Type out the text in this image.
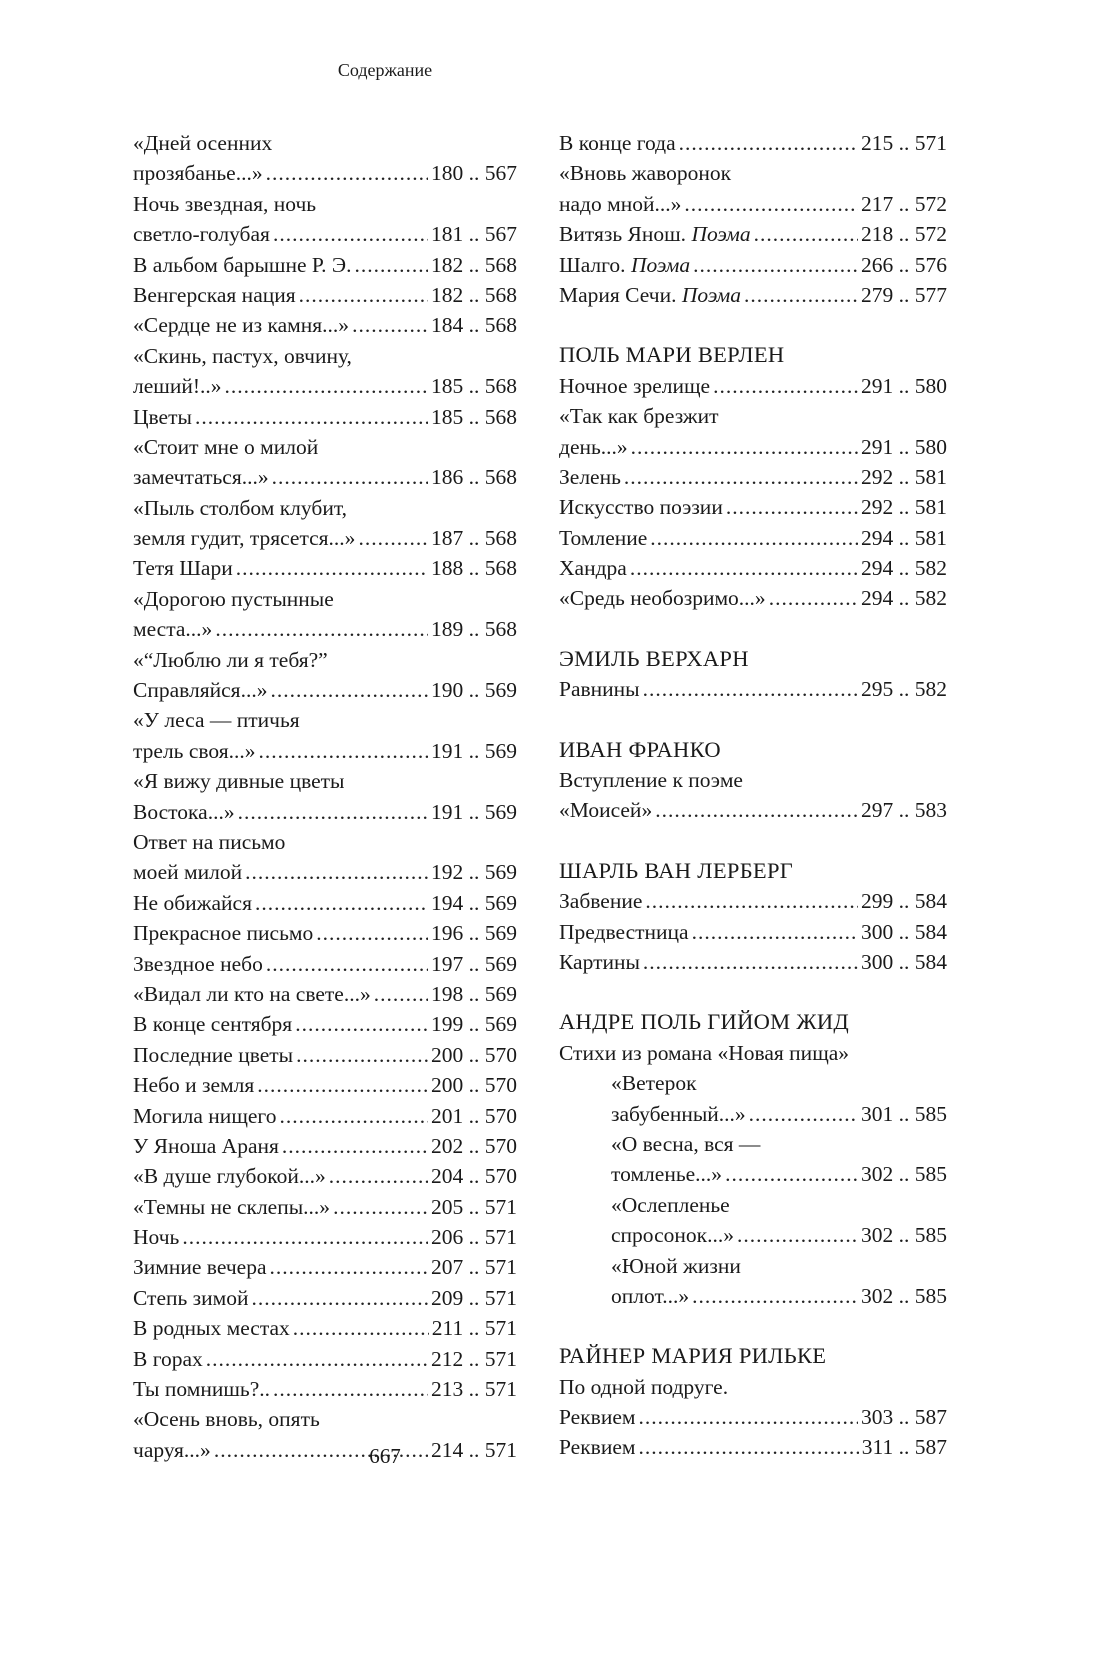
Содержание
«Дней осенних
прозябанье...» .....	180 .. 567
Ночь звездная, ночь
светло-голубая .....	181 .. 567
В альбом барышне Р. Э. .....	182 .. 568
Венгерская нация .....	182 .. 568
«Сердце не из камня...» .....	184 .. 568
«Скинь, пастух, овчину,
леший!..» .....	185 .. 568
Цветы .....	185 .. 568
«Стоит мне о милой
замечтаться...» .....	186 .. 568
«Пыль столбом клубит,
земля гудит, трясется...» .....	187 .. 568
Тетя Шари .....	188 .. 568
«Дорогою пустынные
места...» .....	189 .. 568
«“Люблю ли я тебя?”
Справляйся...» .....	190 .. 569
«У леса — птичья
трель своя...» .....	191 .. 569
«Я вижу дивные цветы
Востока...» .....	191 .. 569
Ответ на письмо
моей милой .....	192 .. 569
Не обижайся .....	194 .. 569
Прекрасное письмо .....	196 .. 569
Звездное небо .....	197 .. 569
«Видал ли кто на свете...» .....	198 .. 569
В конце сентября .....	199 .. 569
Последние цветы .....	200 .. 570
Небо и земля .....	200 .. 570
Могила нищего .....	201 .. 570
У Яноша Араня .....	202 .. 570
«В душе глубокой...» .....	204 .. 570
«Темны не склепы...» .....	205 .. 571
Ночь .....	206 .. 571
Зимние вечера .....	207 .. 571
Степь зимой .....	209 .. 571
В родных местах .....	211 .. 571
В горах .....	212 .. 571
Ты помнишь?.. .....	213 .. 571
«Осень вновь, опять
чаруя...» .....	214 .. 571
В конце года .....	215 .. 571
«Вновь жаворонок
надо мной...» .....	217 .. 572
Витязь Янош. Поэма .....	218 .. 572
Шалго. Поэма .....	266 .. 576
Мария Сечи. Поэма .....	279 .. 577
ПОЛЬ МАРИ ВЕРЛЕН
Ночное зрелище .....	291 .. 580
«Так как брезжит
день...» .....	291 .. 580
Зелень .....	292 .. 581
Искусство поэзии .....	292 .. 581
Томление .....	294 .. 581
Хандра .....	294 .. 582
«Средь необозримо...» .....	294 .. 582
ЭМИЛЬ ВЕРХАРН
Равнины .....	295 .. 582
ИВАН ФРАНКО
Вступление к поэме
«Моисей» .....	297 .. 583
ШАРЛЬ ВАН ЛЕРБЕРГ
Забвение .....	299 .. 584
Предвестница .....	300 .. 584
Картины .....	300 .. 584
АНДРЕ ПОЛЬ ГИЙОМ ЖИД
Стихи из романа «Новая пища»
«Ветерок
забубенный...» .....	301 .. 585
«О весна, вся —
томленье...» .....	302 .. 585
«Ослепленье
спросонок...» .....	302 .. 585
«Юной жизни
оплот...» .....	302 .. 585
РАЙНЕР МАРИЯ РИЛЬКЕ
По одной подруге.
Реквием .....	303 .. 587
Реквием .....	311 .. 587
667
